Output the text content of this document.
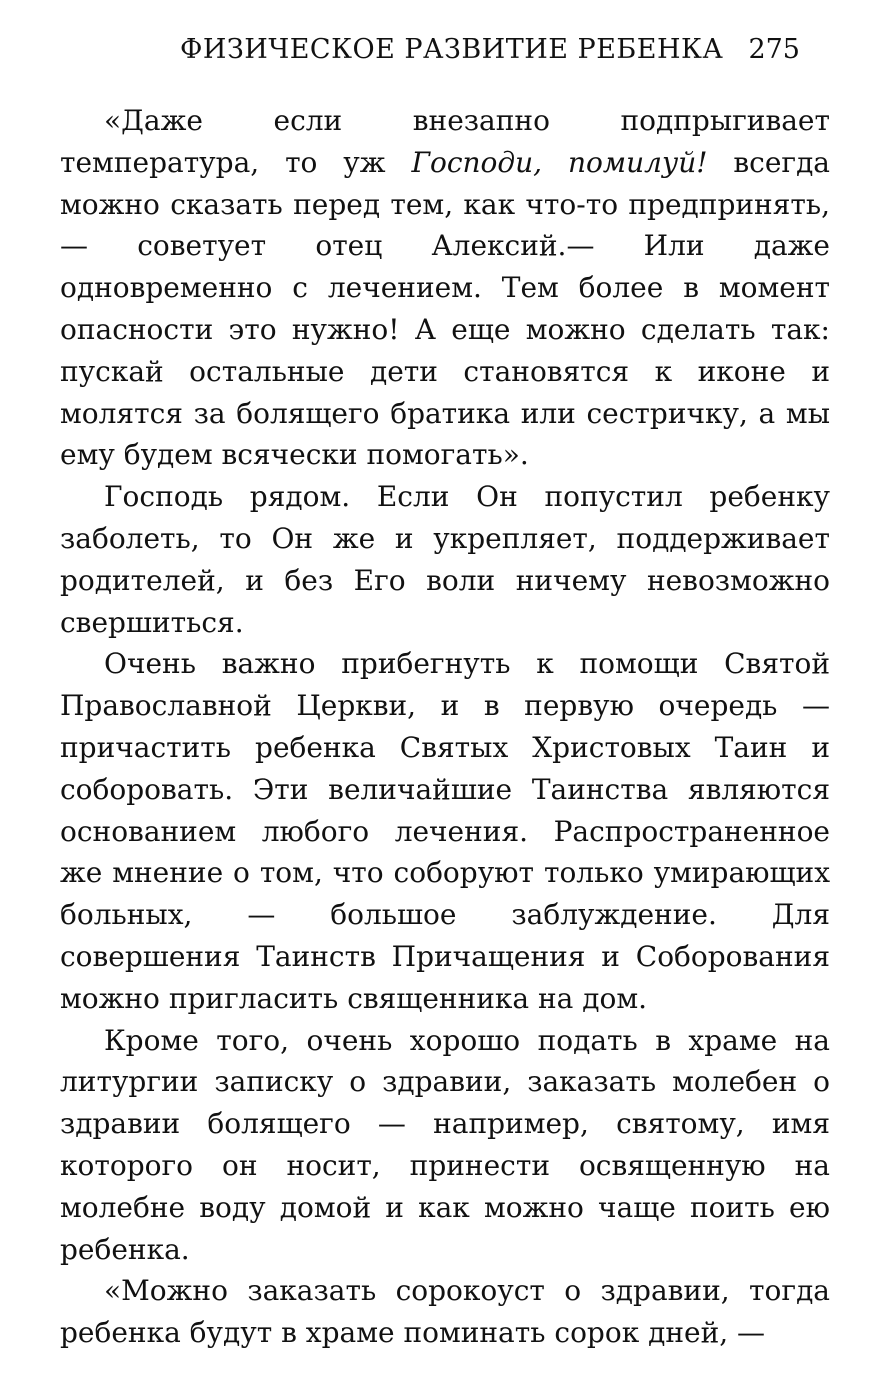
ФИЗИЧЕСКОЕ РАЗВИТИЕ РЕБЕНКА 275

«Даже если внезапно подпрыгивает температура, то уж Господи, помилуй! всегда можно сказать перед тем, как что-то предпринять,— советует отец Алексий.— Или даже одновременно с лечением. Тем более в момент опасности это нужно! А еще можно сделать так: пускай остальные дети становятся к иконе и молятся за болящего братика или сестричку, а мы ему будем всячески помогать».

Господь рядом. Если Он попустил ребенку заболеть, то Он же и укрепляет, поддерживает родителей, и без Его воли ничему невозможно свершиться.

Очень важно прибегнуть к помощи Святой Православной Церкви, и в первую очередь — причастить ребенка Святых Христовых Таин и соборовать. Эти величайшие Таинства являются основанием любого лечения. Распространенное же мнение о том, что соборуют только умирающих больных, — большое заблуждение. Для совершения Таинств Причащения и Соборования можно пригласить священника на дом.

Кроме того, очень хорошо подать в храме на литургии записку о здравии, заказать молебен о здравии болящего — например, святому, имя которого он носит, принести освященную на молебне воду домой и как можно чаще поить ею ребенка.

«Можно заказать сорокоуст о здравии, тогда ребенка будут в храме поминать сорок дней, —
